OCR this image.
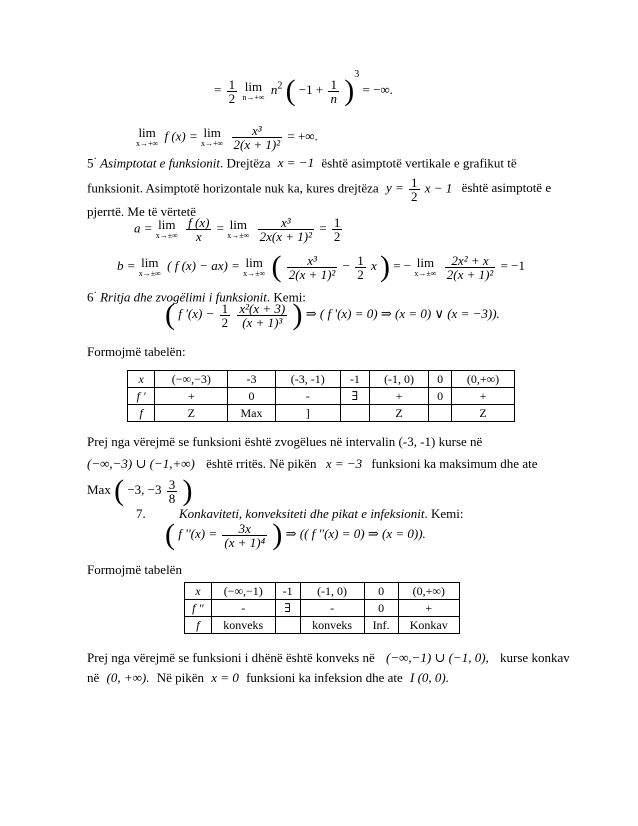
= $\frac{1}{2}$
lim
n→+∞
$n^2$ ( $-1 + \frac{1}{n} )^3$ = −∞.
lim
x→+∞
f (x) = lim
x→+∞
$\frac{\text{x³}}{\text{2(x + 1)²}}$ = +∞.
5· Asimptotat e funksionit. Drejtëza x = −1 është asimptotë vertikale e grafikut të
funksionit. Asimptotë horizontale nuk ka, kures drejtëza $y = \frac{1}{2}$ x − 1 është asimptotë e
pjerrtë. Me të vërtetë
a = lim
x→±∞
$\frac{f (x)}{x} = \lim$
x→±∞
$\frac{\text{x³}}{\text{2x(x + 1)²}} = \frac{1}{2}$
b = lim
x→±∞
( f (x) − ax) = lim
x→±∞ ( $\frac{\text{x³}}{\text{2(x + 1)²}} - \frac{1}{2}$ x ) = − lim
x→±∞
$\frac{\text{2x² + x}}{\text{2(x + 1)²}} = -1$
6· Rritja dhe zvogëlimi i funksionit. Kemi:
( f '$(x) - \frac{1}{2}$
$\frac{\text{x²(x + 3)}}{\text{(x + 1)³}}$ ) ⇒ ( f '(x) = 0) ⇒ (x = 0) ∨ (x = −3)).
Formojmë tabelën:
x	(−∞,−3)	-3	(-3, -1)	-1	(-1, 0)	0	(0,+∞)
f '	+	0	-	∃	+	0	+
f	Z	Max	]		Z		Z
Prej nga vërejmë se funksioni është zvogëlues në intervalin (-3, -1) kurse në
(−∞,−3) ∪ (−1,+∞) është rritës. Në pikën x = −3 funksioni ka maksimum dhe ate
Max ( −3, $-3 \frac{3}{8}$ )
7.	Konkaviteti, konveksiteti dhe pikat e infeksionit. Kemi:
( f ''$(x) = \frac{3x}{\text{(x + 1)⁴}}$ ) ⇒ (( f ''(x) = 0) ⇒ (x = 0)).
Formojmë tabelën
x	(−∞,−1)	-1	(-1, 0)	0	(0,+∞)
f ''	-	∃	-	0	+
f	konveks		konveks	Inf.	Konkav
Prej nga vërejmë se funksioni i dhënë është konveks në (−∞,−1) ∪ (−1, 0), kurse konkav
në (0, +∞). Në pikën x = 0 funksioni ka infeksion dhe ate I (0, 0).
